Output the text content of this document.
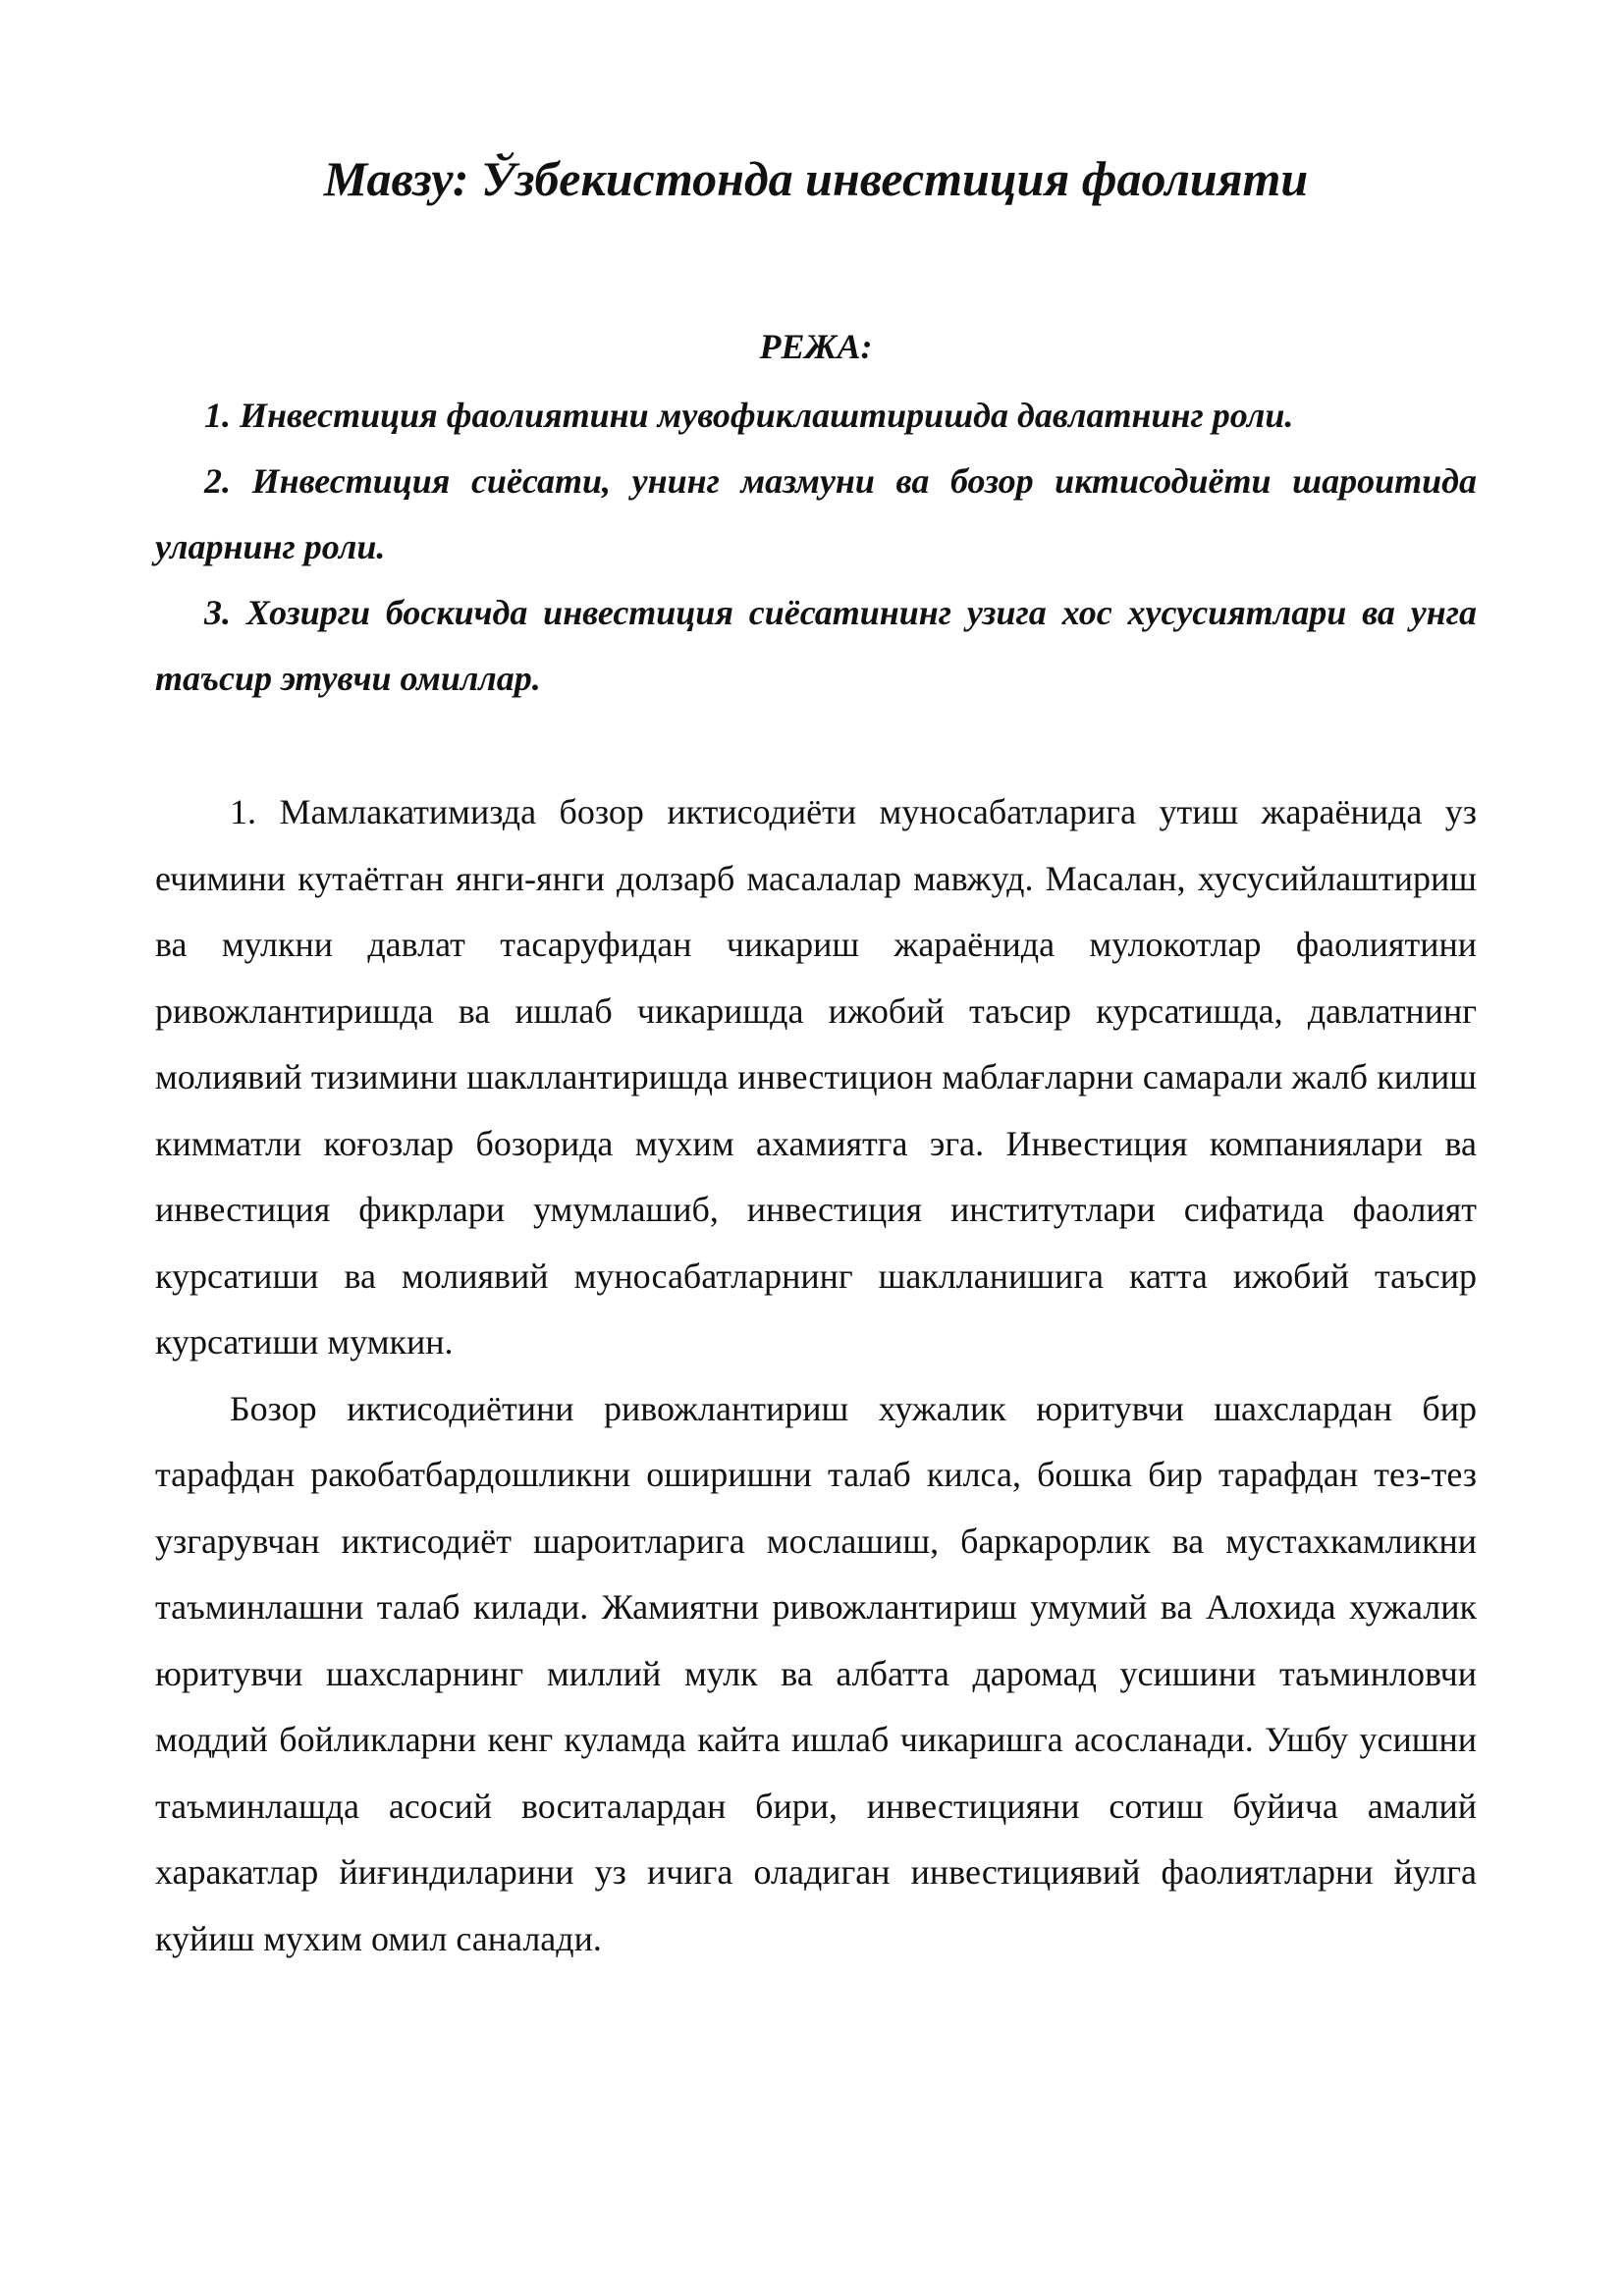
Мавзу: Ўзбекистонда инвестиция фаолияти
РЕЖА:
1. Инвестиция фаолиятини мувофиклаштиришда давлатнинг роли.
2. Инвестиция сиёсати, унинг мазмуни ва бозор иктисодиёти шароитида уларнинг роли.
3. Хозирги боскичда инвестиция сиёсатининг узига хос хусусиятлари ва унга таъсир этувчи омиллар.

1. Мамлакатимизда бозор иктисодиёти муносабатларига утиш жараёнида уз ечимини кутаётган янги-янги долзарб масалалар мавжуд. Масалан, хусусийлаштириш ва мулкни давлат тасаруфидан чикариш жараёнида мулокотлар фаолиятини ривожлантиришда ва ишлаб чикаришда ижобий таъсир курсатишда, давлатнинг молиявий тизимини шакллантиришда инвестицион маблағларни самарали жалб килиш кимматли коғозлар бозорида мухим ахамиятга эга. Инвестиция компаниялари ва инвестиция фикрлари умумлашиб, инвестиция институтлари сифатида фаолият курсатиши ва молиявий муносабатларнинг шаклланишига катта ижобий таъсир курсатиши мумкин.

Бозор иктисодиётини ривожлантириш хужалик юритувчи шахслардан бир тарафдан ракобатбардошликни оширишни талаб килса, бошка бир тарафдан тез-тез узгарувчан иктисодиёт шароитларига мослашиш, баркарорлик ва мустахкамликни таъминлашни талаб килади. Жамиятни ривожлантириш умумий ва Алохида хужалик юритувчи шахсларнинг миллий мулк ва албатта даромад усишини таъминловчи моддий бойликларни кенг куламда кайта ишлаб чикаришга асосланади. Ушбу усишни таъминлашда асосий воситалардан бири, инвестицияни сотиш буйича амалий харакатлар йиғиндиларини уз ичига оладиган инвестициявий фаолиятларни йулга куйиш мухим омил саналади.
